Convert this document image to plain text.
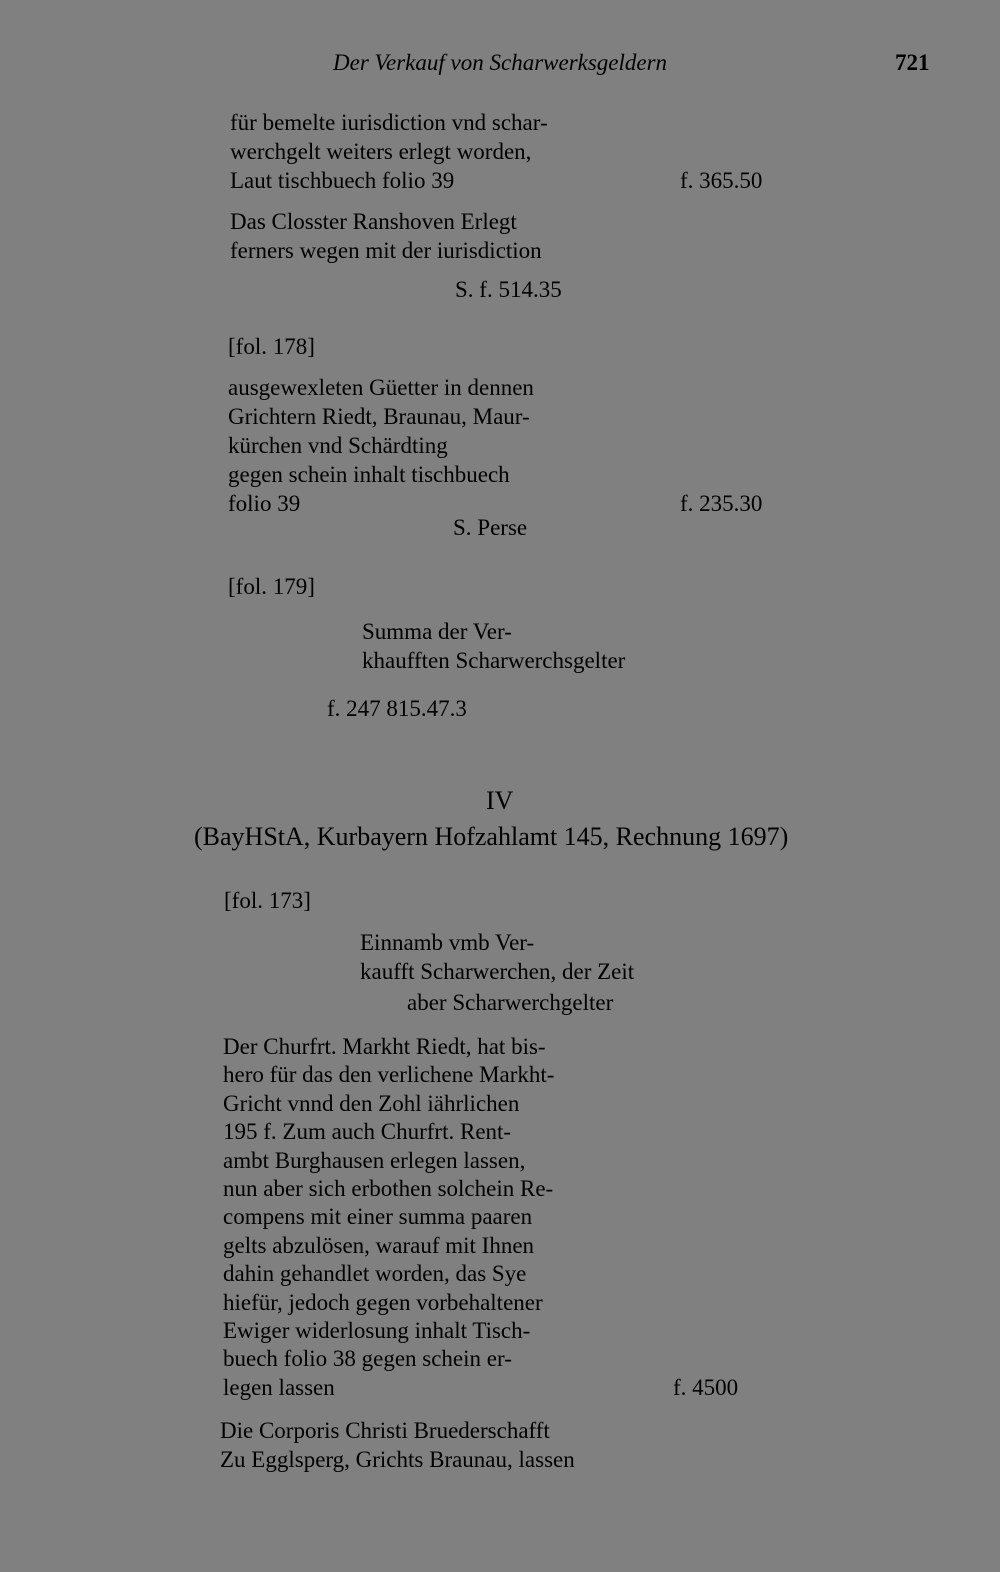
Der Verkauf von Scharwerksgeldern	721
für bemelte iurisdiction vnd schar-
werchgelt weiters erlegt worden,
Laut tischbuech folio 39	f. 365.50
Das Closster Ranshoven Erlegt
ferners wegen mit der iurisdiction
S. f. 514.35
[fol. 178]
ausgewexleten Güetter in dennen
Grichtern Riedt, Braunau, Maur-
kürchen vnd Schärdting
gegen schein inhalt tischbuech
folio 39	f. 235.30
S. Perse
[fol. 179]
Summa der Ver-
khaufften Scharwerchsgelter
f. 247 815.47.3
IV
(BayHStA, Kurbayern Hofzahlamt 145, Rechnung 1697)
[fol. 173]
Einnamb vmb Ver-
kaufft Scharwerchen, der Zeit
aber Scharwerchgelter
Der Churfrt. Markht Riedt, hat bis-
hero für das den verlichene Markht-
Gricht vnnd den Zohl iährlichen
195 f. Zum auch Churfrt. Rent-
ambt Burghausen erlegen lassen,
nun aber sich erbothen solchein Re-
compens mit einer summa paaren
gelts abzulösen, warauf mit Ihnen
dahin gehandlet worden, das Sye
hiefür, jedoch gegen vorbehaltener
Ewiger widerlosung inhalt Tisch-
buech folio 38 gegen schein er-
legen lassen	f. 4500
Die Corporis Christi Bruederschafft
Zu Egglsperg, Grichts Braunau, lassen
